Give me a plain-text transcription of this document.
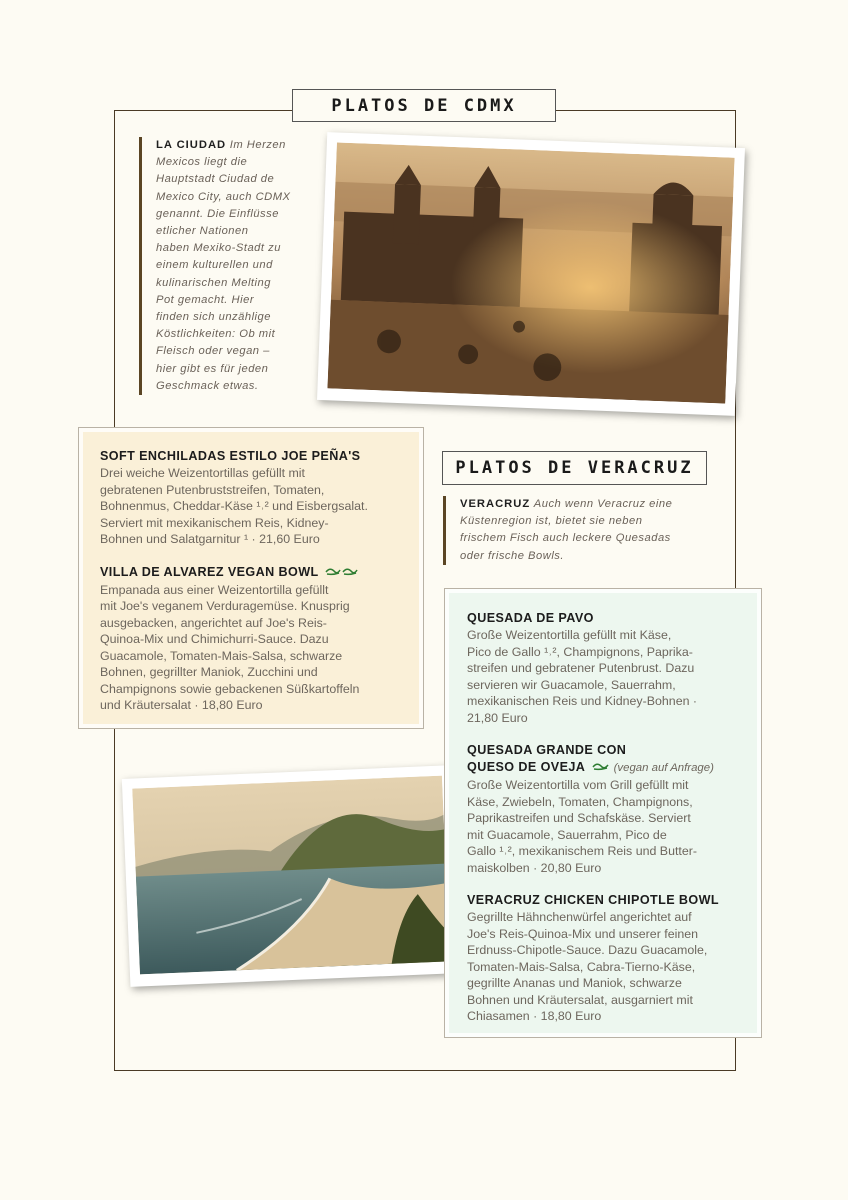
PLATOS DE CDMX
LA CIUDAD Im Herzen
Mexicos liegt die
Hauptstadt Ciudad de
Mexico City, auch CDMX
genannt. Die Einflüsse
etlicher Nationen
haben Mexiko-Stadt zu
einem kulturellen und
kulinarischen Melting
Pot gemacht. Hier
finden sich unzählige
Köstlichkeiten: Ob mit
Fleisch oder vegan –
hier gibt es für jeden
Geschmack etwas.
SOFT ENCHILADAS ESTILO JOE PEÑA'S
Drei weiche Weizentortillas gefüllt mit
gebratenen Putenbruststreifen, Tomaten,
Bohnenmus, Cheddar-Käse ¹˒² und Eisbergsalat.
Serviert mit mexikanischem Reis, Kidney-
Bohnen und Salatgarnitur ¹ · 21,60 Euro
VILLA DE ALVAREZ VEGAN BOWL
Empanada aus einer Weizentortilla gefüllt
mit Joe's veganem Verduragemüse. Knusprig
ausgebacken, angerichtet auf Joe's Reis-
Quinoa-Mix und Chimichurri-Sauce. Dazu
Guacamole, Tomaten-Mais-Salsa, schwarze
Bohnen, gegrillter Maniok, Zucchini und
Champignons sowie gebackenen Süßkartoffeln
und Kräutersalat · 18,80 Euro
PLATOS DE VERACRUZ
VERACRUZ Auch wenn Veracruz eine
Küstenregion ist, bietet sie neben
frischem Fisch auch leckere Quesadas
oder frische Bowls.
QUESADA DE PAVO
Große Weizentortilla gefüllt mit Käse,
Pico de Gallo ¹˒², Champignons, Paprika-
streifen und gebratener Putenbrust. Dazu
servieren wir Guacamole, Sauerrahm,
mexikanischen Reis und Kidney-Bohnen ·
21,80 Euro
QUESADA GRANDE CON
QUESO DE OVEJA	(vegan auf Anfrage)
Große Weizentortilla vom Grill gefüllt mit
Käse, Zwiebeln, Tomaten, Champignons,
Paprikastreifen und Schafskäse. Serviert
mit Guacamole, Sauerrahm, Pico de
Gallo ¹˒², mexikanischem Reis und Butter-
maiskolben · 20,80 Euro
VERACRUZ CHICKEN CHIPOTLE BOWL
Gegrillte Hähnchenwürfel angerichtet auf
Joe's Reis-Quinoa-Mix und unserer feinen
Erdnuss-Chipotle-Sauce. Dazu Guacamole,
Tomaten-Mais-Salsa, Cabra-Tierno-Käse,
gegrillte Ananas und Maniok, schwarze
Bohnen und Kräutersalat, ausgarniert mit
Chiasamen · 18,80 Euro
